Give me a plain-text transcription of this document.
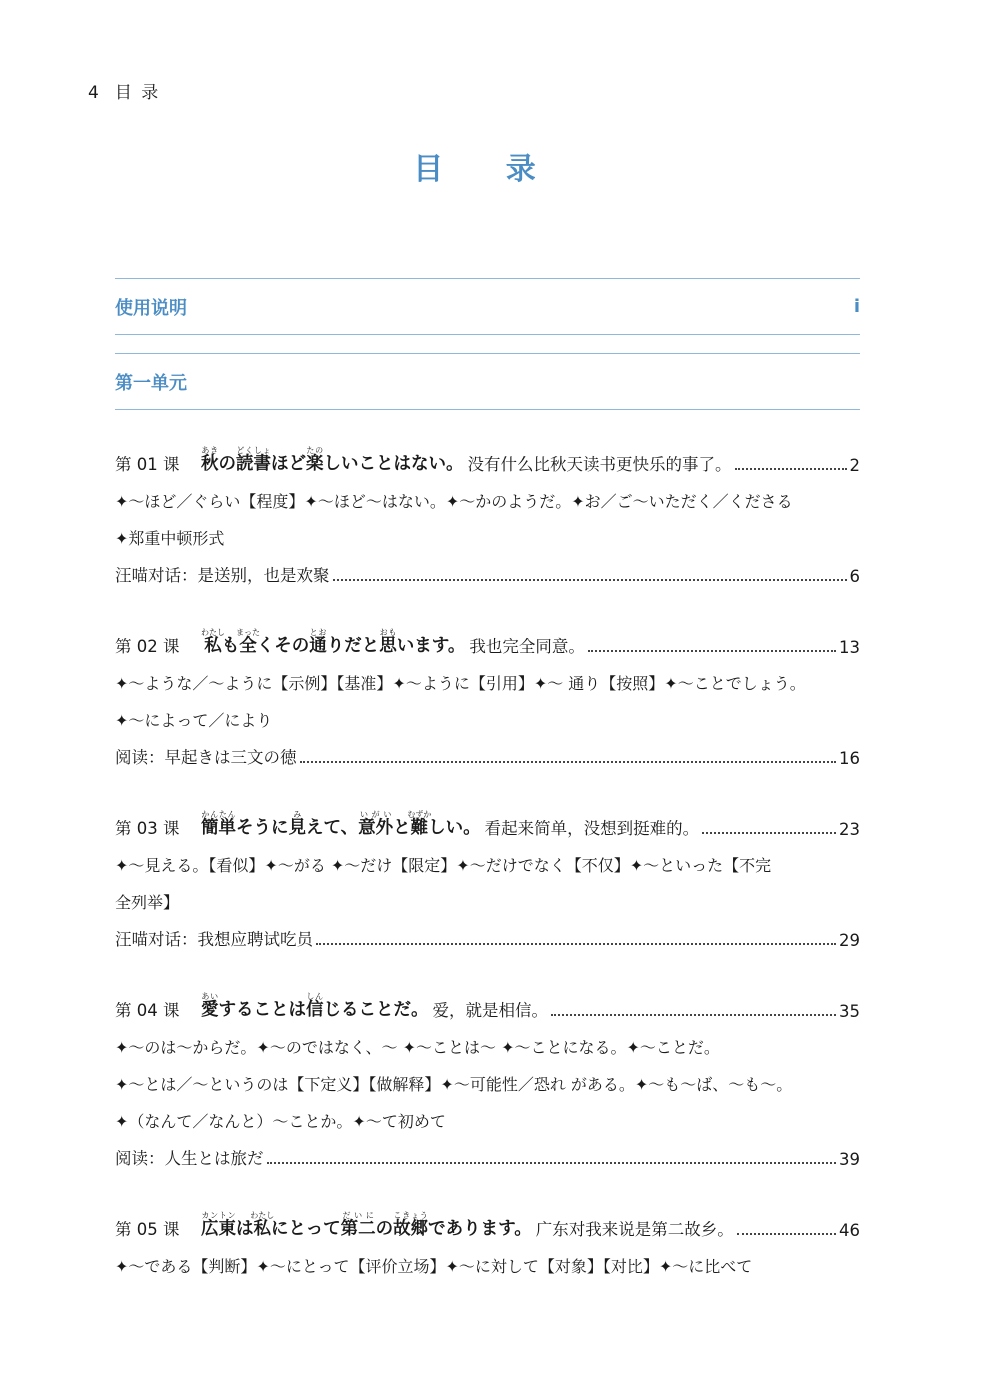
4 目 录
目 录
使用说明	i
第一单元
第 01 课	秋あきの読書どくしょほど楽たのしいことはない。 没有什么比秋天读书更快乐的事了。	2
✦～ほど／ぐらい【程度】✦～ほど～はない。✦～かのようだ。✦お／ご～いただく／くださる
✦郑重中顿形式
汪喵对话：是送别，也是欢聚	6
第 02 课	私わたしも全まったくその通とおりだと思おもいます。 我也完全同意。	13
✦～ような／～ように【示例】【基准】✦～ように【引用】✦～ 通り【按照】✦～ことでしょう。
✦～によって／により
阅读：早起きは三文の徳	16
第 03 课	簡単かんたんそうに見みえて、意外いがいと難むずかしい。 看起来简单，没想到挺难的。	23
✦～見える。【看似】✦～がる ✦～だけ【限定】✦～だけでなく【不仅】✦～といった【不完
全列举】
汪喵对话：我想应聘试吃员	29
第 04 课	愛あいすることは信しんじることだ。 爱，就是相信。	35
✦～のは～からだ。✦～のではなく、～ ✦～ことは～ ✦～ことになる。✦～ことだ。
✦～とは／～というのは【下定义】【做解释】✦～可能性／恐れ がある。✦～も～ば、～も～。
✦（なんて／なんと）～ことか。✦～て初めて
阅读：人生とは旅だ	39
第 05 课	広東カントンは私わたしにとって第二だいにの故郷こきょうであります。 广东对我来说是第二故乡。	46
✦～である【判断】✦～にとって【评价立场】✦～に対して【对象】【对比】✦～に比べて
